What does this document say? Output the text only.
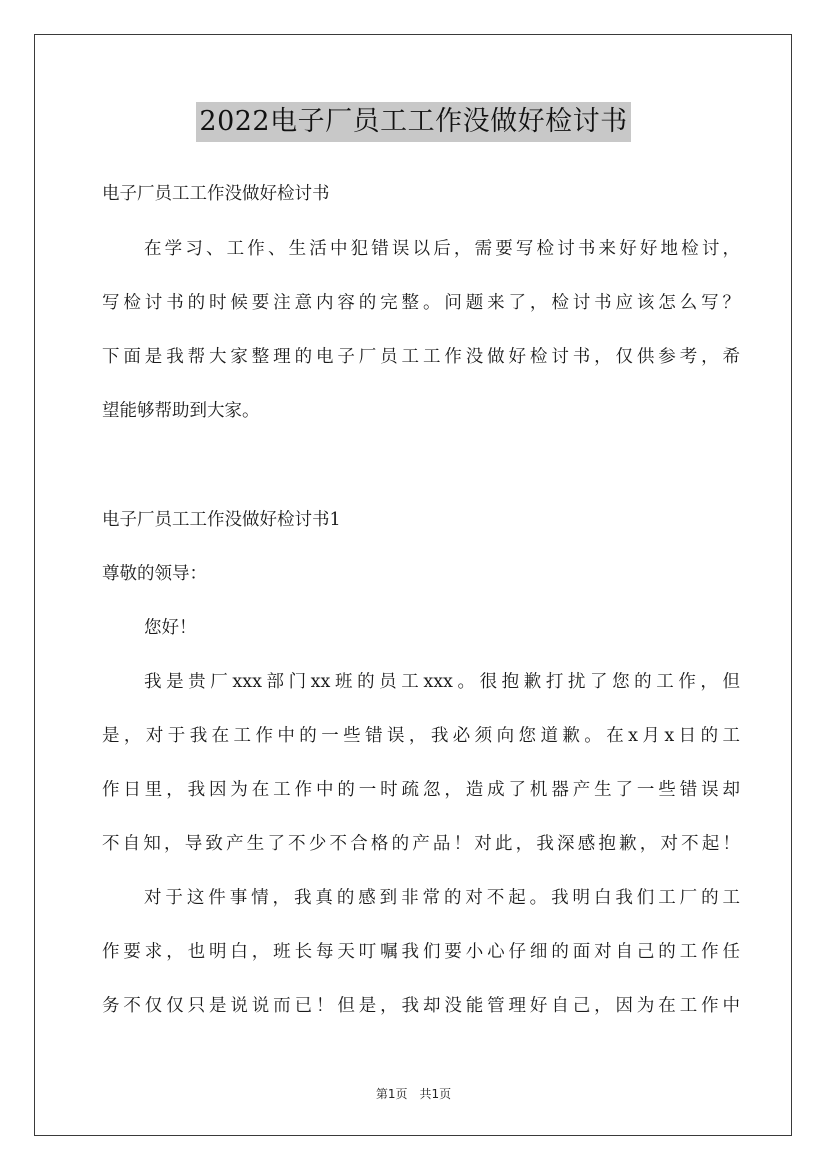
2022电子厂员工工作没做好检讨书
电子厂员工工作没做好检讨书
在学习、工作、生活中犯错误以后，需要写检讨书来好好地检讨，
写检讨书的时候要注意内容的完整。问题来了，检讨书应该怎么写？
下面是我帮大家整理的电子厂员工工作没做好检讨书，仅供参考，希
望能够帮助到大家。
电子厂员工工作没做好检讨书1
尊敬的领导：
您好！
我是贵厂xxx部门xx班的员工xxx。很抱歉打扰了您的工作，但
是，对于我在工作中的一些错误，我必须向您道歉。在x月x日的工
作日里，我因为在工作中的一时疏忽，造成了机器产生了一些错误却
不自知，导致产生了不少不合格的产品！对此，我深感抱歉，对不起！
对于这件事情，我真的感到非常的对不起。我明白我们工厂的工
作要求，也明白，班长每天叮嘱我们要小心仔细的面对自己的工作任
务不仅仅只是说说而已！但是，我却没能管理好自己，因为在工作中
第1页 共1页
